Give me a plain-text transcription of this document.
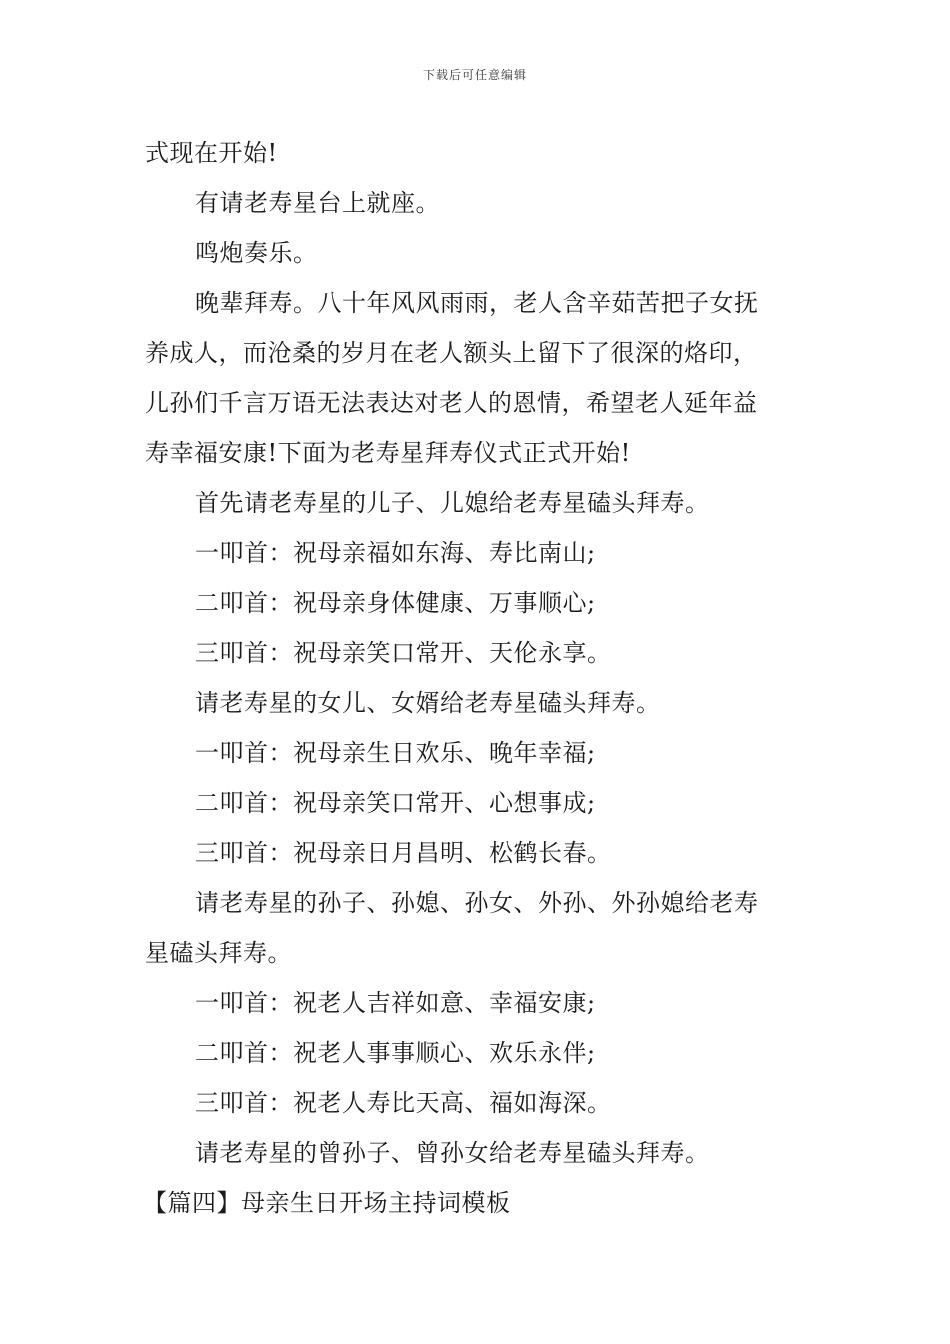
下载后可任意编辑
式现在开始!
有请老寿星台上就座。
鸣炮奏乐。
晚辈拜寿。八十年风风雨雨，老人含辛茹苦把子女抚
养成人，而沧桑的岁月在老人额头上留下了很深的烙印，
儿孙们千言万语无法表达对老人的恩情，希望老人延年益
寿幸福安康!下面为老寿星拜寿仪式正式开始!
首先请老寿星的儿子、儿媳给老寿星磕头拜寿。
一叩首：祝母亲福如东海、寿比南山;
二叩首：祝母亲身体健康、万事顺心;
三叩首：祝母亲笑口常开、天伦永享。
请老寿星的女儿、女婿给老寿星磕头拜寿。
一叩首：祝母亲生日欢乐、晚年幸福;
二叩首：祝母亲笑口常开、心想事成;
三叩首：祝母亲日月昌明、松鹤长春。
请老寿星的孙子、孙媳、孙女、外孙、外孙媳给老寿
星磕头拜寿。
一叩首：祝老人吉祥如意、幸福安康;
二叩首：祝老人事事顺心、欢乐永伴;
三叩首：祝老人寿比天高、福如海深。
请老寿星的曾孙子、曾孙女给老寿星磕头拜寿。
【篇四】母亲生日开场主持词模板
